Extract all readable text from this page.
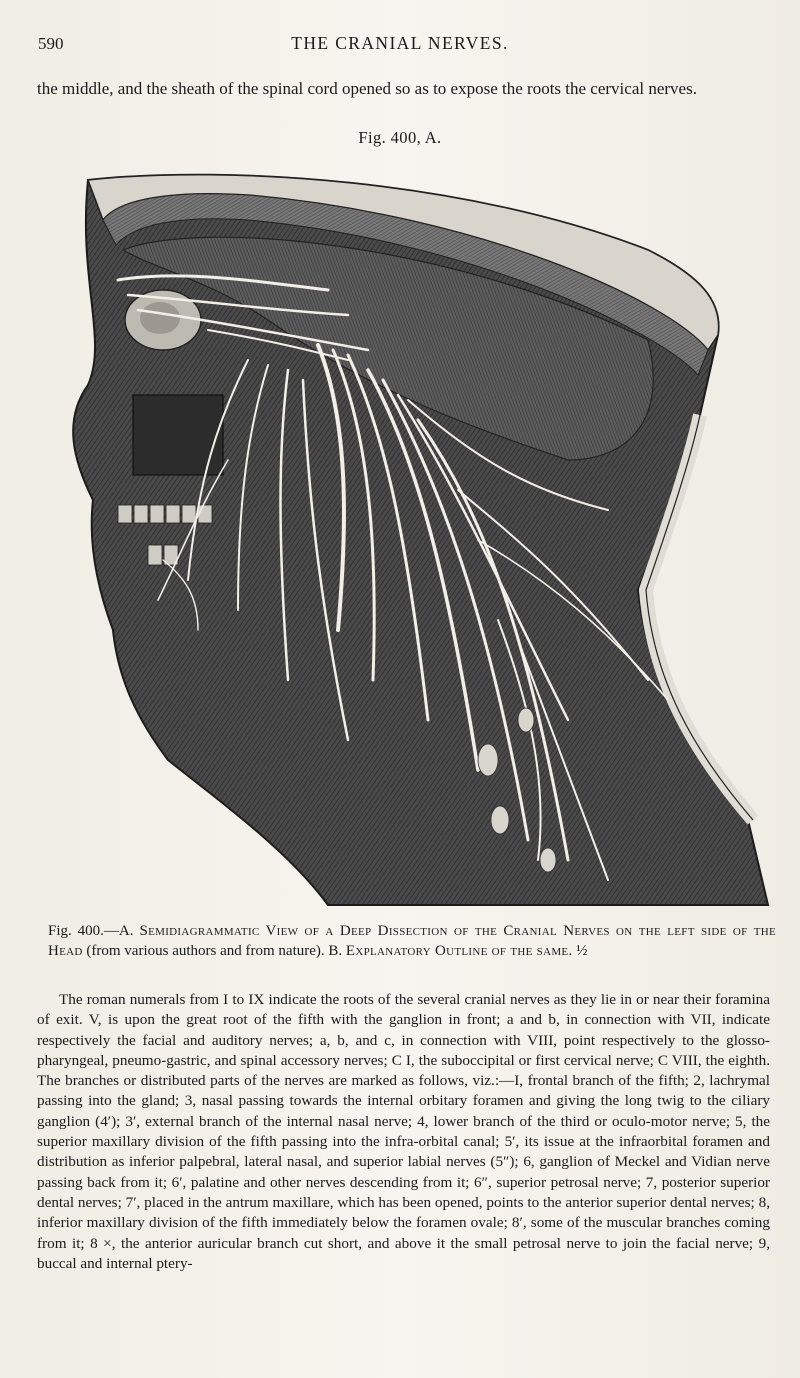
590	THE CRANIAL NERVES.
the middle, and the sheath of the spinal cord opened so as to expose the roots the cervical nerves.
Fig. 400, A.
Fig. 400.—A. Semidiagrammatic View of a Deep Dissection of the Cranial Nerves on the left side of the Head (from various authors and from nature). B. Explanatory Outline of the same. ½

The roman numerals from I to IX indicate the roots of the several cranial nerves as they lie in or near their foramina of exit. V, is upon the great root of the fifth with the ganglion in front; a and b, in connection with VII, indicate respectively the facial and auditory nerves; a, b, and c, in connection with VIII, point respectively to the glosso-pharyngeal, pneumo-gastric, and spinal accessory nerves; C I, the suboccipital or first cervical nerve; C VIII, the eighth. The branches or distributed parts of the nerves are marked as follows, viz.:—I, frontal branch of the fifth; 2, lachrymal passing into the gland; 3, nasal passing towards the internal orbitary foramen and giving the long twig to the ciliary ganglion (4′); 3′, external branch of the internal nasal nerve; 4, lower branch of the third or oculo-motor nerve; 5, the superior maxillary division of the fifth passing into the infra-orbital canal; 5′, its issue at the infraorbital foramen and distribution as inferior palpebral, lateral nasal, and superior labial nerves (5″); 6, ganglion of Meckel and Vidian nerve passing back from it; 6′, palatine and other nerves descending from it; 6″, superior petrosal nerve; 7, posterior superior dental nerves; 7′, placed in the antrum maxillare, which has been opened, points to the anterior superior dental nerves; 8, inferior maxillary division of the fifth immediately below the foramen ovale; 8′, some of the muscular branches coming from it; 8 ×, the anterior auricular branch cut short, and above it the small petrosal nerve to join the facial nerve; 9, buccal and internal ptery-
